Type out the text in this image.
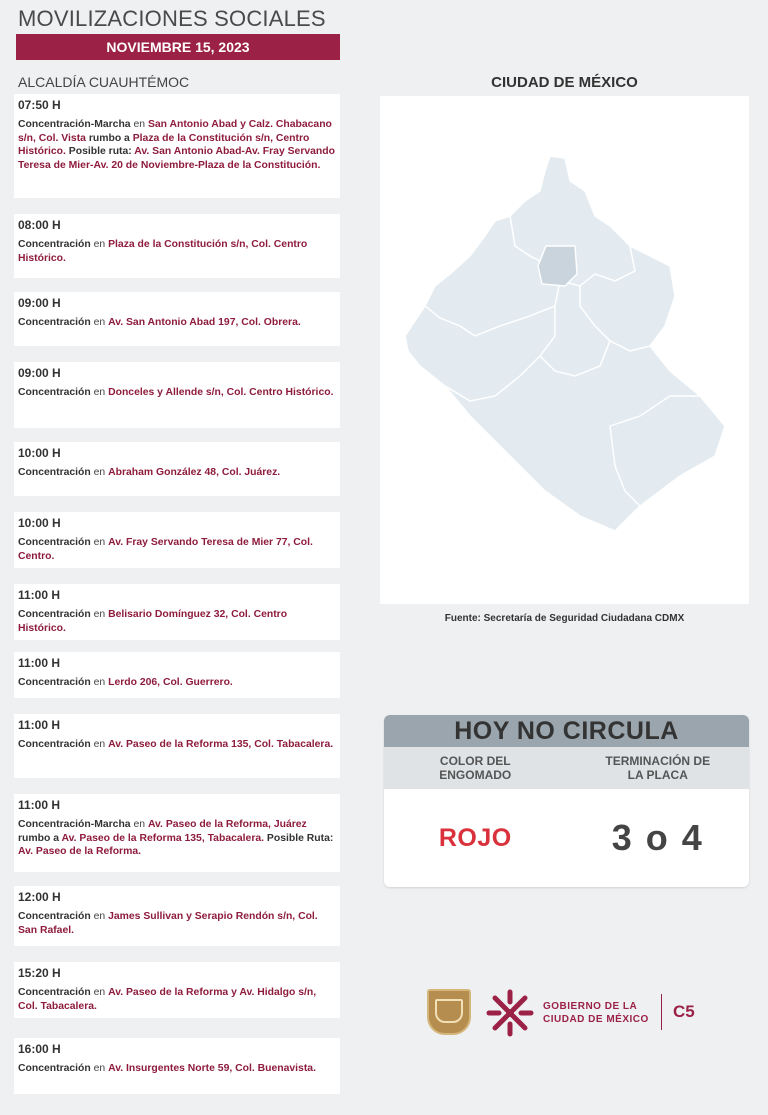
MOVILIZACIONES SOCIALES
NOVIEMBRE 15, 2023
ALCALDÍA CUAUHTÉMOC
07:50 H
Concentración-Marcha en San Antonio Abad y Calz. Chabacano s/n, Col. Vista rumbo a Plaza de la Constitución s/n, Centro Histórico. Posible ruta: Av. San Antonio Abad-Av. Fray Servando Teresa de Mier-Av. 20 de Noviembre-Plaza de la Constitución.
08:00 H
Concentración en Plaza de la Constitución s/n, Col. Centro Histórico.
09:00 H
Concentración en Av. San Antonio Abad 197, Col. Obrera.
09:00 H
Concentración en Donceles y Allende s/n, Col. Centro Histórico.
10:00 H
Concentración en Abraham González 48, Col. Juárez.
10:00 H
Concentración en Av. Fray Servando Teresa de Mier 77, Col. Centro.
11:00 H
Concentración en Belisario Domínguez 32, Col. Centro Histórico.
11:00 H
Concentración en Lerdo 206, Col. Guerrero.
11:00 H
Concentración en Av. Paseo de la Reforma 135, Col. Tabacalera.
11:00 H
Concentración-Marcha en Av. Paseo de la Reforma, Juárez rumbo a Av. Paseo de la Reforma 135, Tabacalera. Posible Ruta: Av. Paseo de la Reforma.
12:00 H
Concentración en James Sullivan y Serapio Rendón s/n, Col. San Rafael.
15:20 H
Concentración en Av. Paseo de la Reforma y Av. Hidalgo s/n, Col. Tabacalera.
16:00 H
Concentración en Av. Insurgentes Norte 59, Col. Buenavista.
CIUDAD DE MÉXICO
Fuente: Secretaría de Seguridad Ciudadana CDMX
HOY NO CIRCULA
COLOR DEL
ENGOMADO
TERMINACIÓN DE
LA PLACA
ROJO	3 o 4
GOBIERNO DE LA
CIUDAD DE MÉXICO C5
